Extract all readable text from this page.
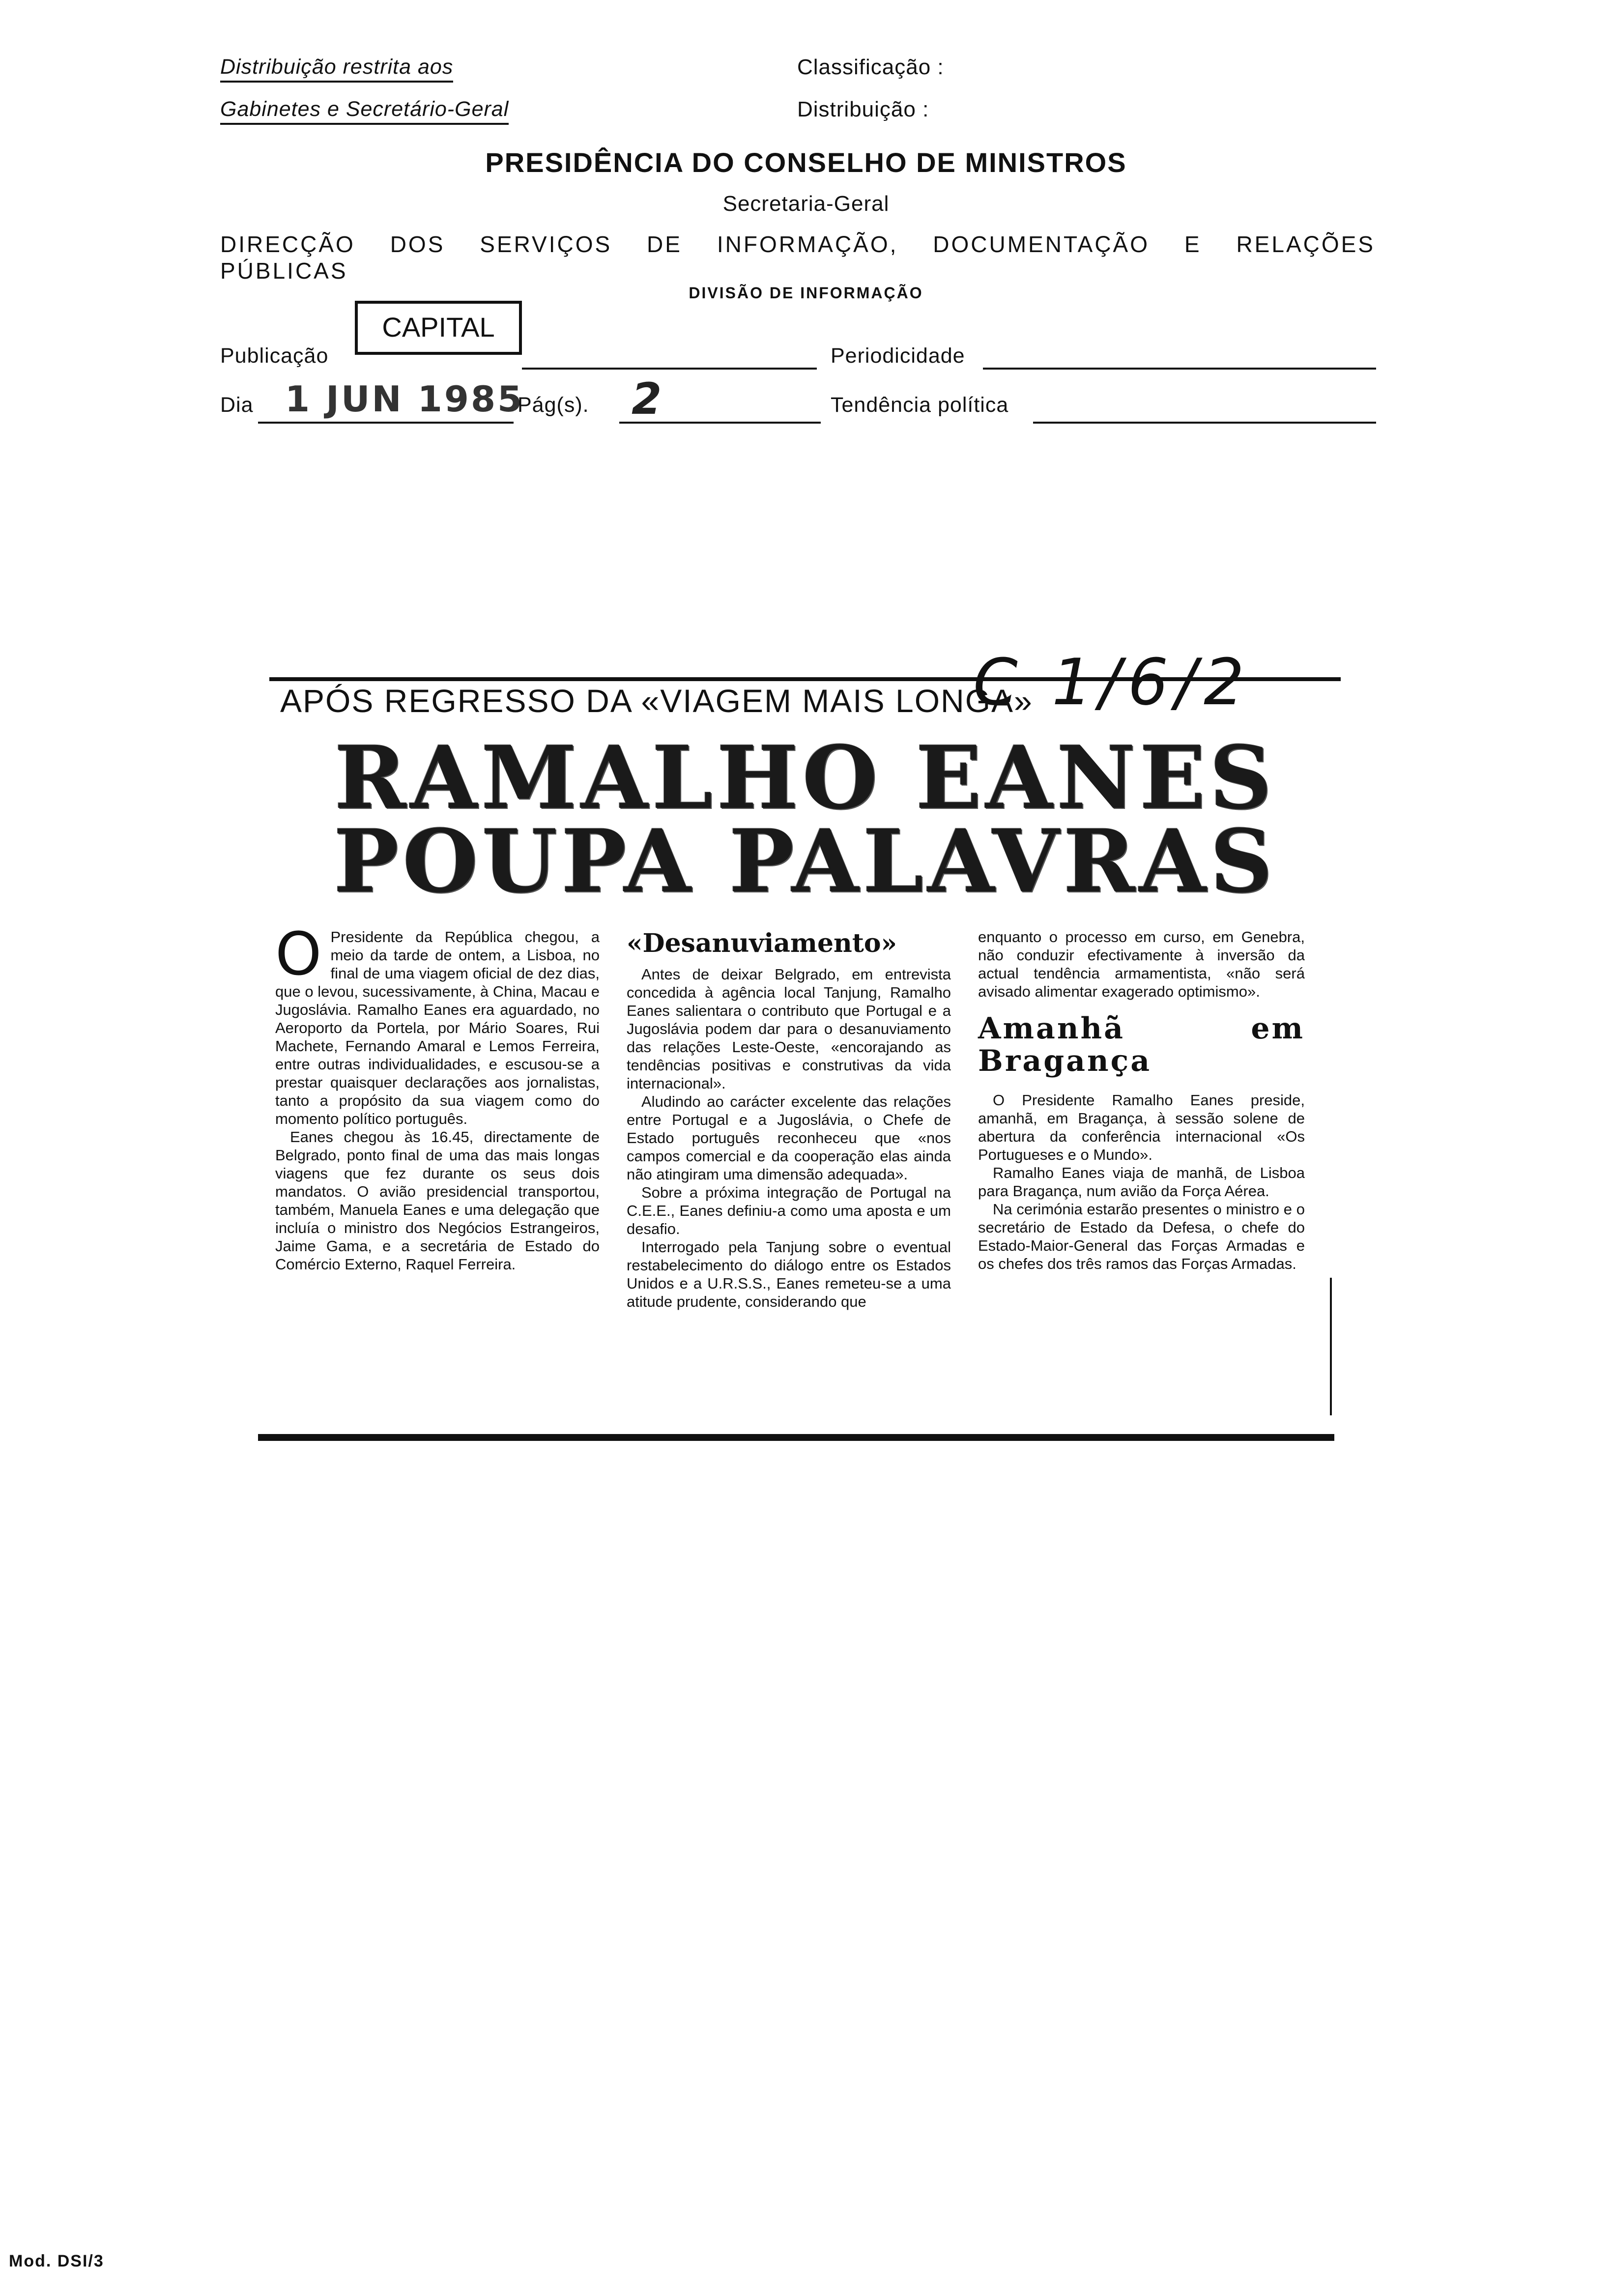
Distribuição restrita aos
Gabinetes e Secretário-Geral
Classificação :
Distribuição :
PRESIDÊNCIA DO CONSELHO DE MINISTROS
Secretaria-Geral
DIRECÇÃO DOS SERVIÇOS DE INFORMAÇÃO, DOCUMENTAÇÃO E RELAÇÕES PÚBLICAS
DIVISÃO DE INFORMAÇÃO
Publicação
CAPITAL
Periodicidade
Dia 1 JUN 1985
Pág(s). 2	Tendência política
APÓS REGRESSO DA «VIAGEM MAIS LONGA»
C 1/6/2
RAMALHO EANES
POUPA PALAVRAS
O Presidente da República chegou, a meio da tarde de ontem, a Lisboa, no final de uma viagem oficial de dez dias, que o levou, sucessivamente, à China, Macau e Jugoslávia. Ramalho Eanes era aguardado, no Aeroporto da Portela, por Mário Soares, Rui Machete, Fernando Amaral e Lemos Ferreira, entre outras individualidades, e escusou-se a prestar quaisquer declarações aos jornalistas, tanto a propósito da sua viagem como do momento político português.

Eanes chegou às 16.45, directamente de Belgrado, ponto final de uma das mais longas viagens que fez durante os seus dois mandatos. O avião presidencial transportou, também, Manuela Eanes e uma delegação que incluía o ministro dos Negócios Estrangeiros, Jaime Gama, e a secretária de Estado do Comércio Externo, Raquel Ferreira.

«Desanuviamento»

Antes de deixar Belgrado, em entrevista concedida à agência local Tanjung, Ramalho Eanes salientara o contributo que Portugal e a Jugoslávia podem dar para o desanuviamento das relações Leste-Oeste, «encorajando as tendências positivas e construtivas da vida internacional».

Aludindo ao carácter excelente das relações entre Portugal e a Jugoslávia, o Chefe de Estado português reconheceu que «nos campos comercial e da cooperação elas ainda não atingiram uma dimensão adequada».

Sobre a próxima integração de Portugal na C.E.E., Eanes definiu-a como uma aposta e um desafio.

Interrogado pela Tanjung sobre o eventual restabelecimento do diálogo entre os Estados Unidos e a U.R.S.S., Eanes remeteu-se a uma atitude prudente, considerando que

enquanto o processo em curso, em Genebra, não conduzir efectivamente à inversão da actual tendência armamentista, «não será avisado alimentar exagerado optimismo».

Amanhã em Bragança

O Presidente Ramalho Eanes preside, amanhã, em Bragança, à sessão solene de abertura da conferência internacional «Os Portugueses e o Mundo».

Ramalho Eanes viaja de manhã, de Lisboa para Bragança, num avião da Força Aérea.

Na cerimónia estarão presentes o ministro e o secretário de Estado da Defesa, o chefe do Estado-Maior-General das Forças Armadas e os chefes dos três ramos das Forças Armadas.

Mod. DSI/3
